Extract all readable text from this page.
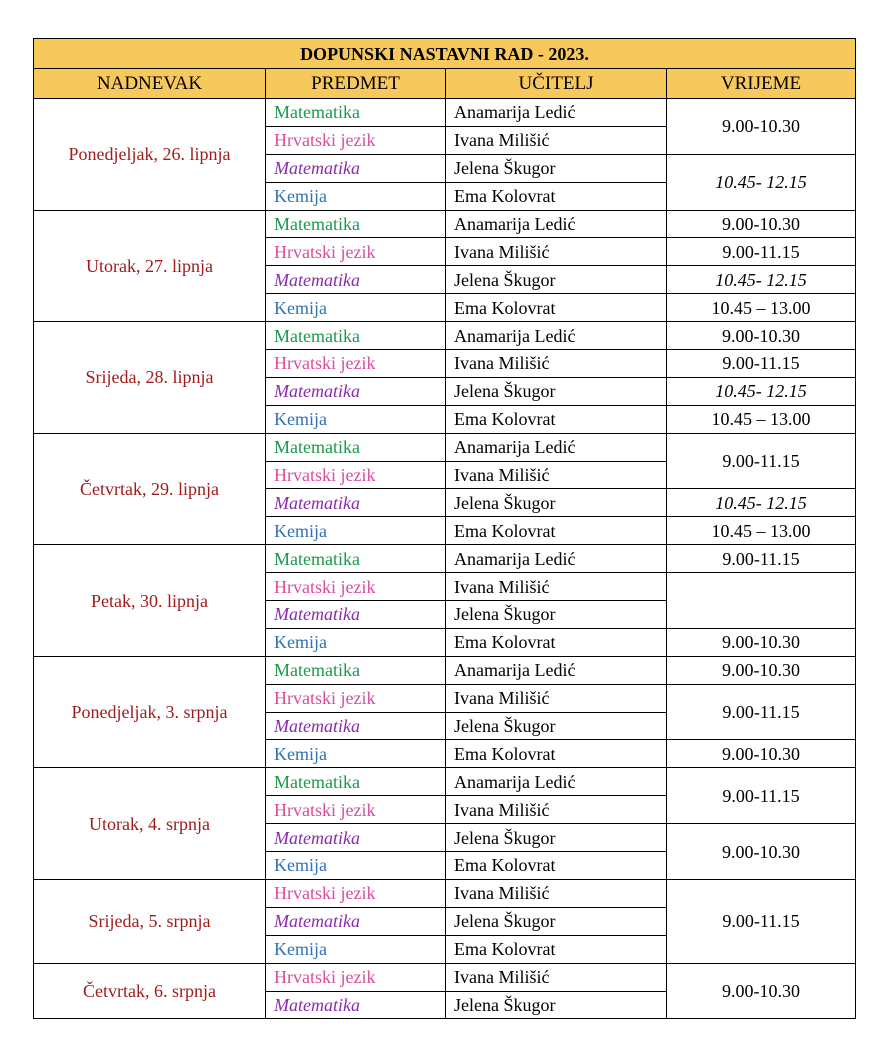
DOPUNSKI NASTAVNI RAD - 2023.			
NADNEVAK	PREDMET	UČITELJ	VRIJEME
Ponedjeljak, 26. lipnja	Matematika	Anamarija Ledić	9.00-10.30
	Hrvatski jezik	Ivana Milišić	
	Matematika	Jelena Škugor	10.45- 12.15
	Kemija	Ema Kolovrat	
Utorak, 27. lipnja	Matematika	Anamarija Ledić	9.00-10.30
	Hrvatski jezik	Ivana Milišić	9.00-11.15
	Matematika	Jelena Škugor	10.45- 12.15
	Kemija	Ema Kolovrat	10.45 – 13.00
Srijeda, 28. lipnja	Matematika	Anamarija Ledić	9.00-10.30
	Hrvatski jezik	Ivana Milišić	9.00-11.15
	Matematika	Jelena Škugor	10.45- 12.15
	Kemija	Ema Kolovrat	10.45 – 13.00
Četvrtak, 29. lipnja	Matematika	Anamarija Ledić	9.00-11.15
	Hrvatski jezik	Ivana Milišić	
	Matematika	Jelena Škugor	10.45- 12.15
	Kemija	Ema Kolovrat	10.45 – 13.00
Petak, 30. lipnja	Matematika	Anamarija Ledić	9.00-11.15
	Hrvatski jezik	Ivana Milišić	
	Matematika	Jelena Škugor	
	Kemija	Ema Kolovrat	9.00-10.30
Ponedjeljak, 3. srpnja	Matematika	Anamarija Ledić	9.00-10.30
	Hrvatski jezik	Ivana Milišić	9.00-11.15
	Matematika	Jelena Škugor	
	Kemija	Ema Kolovrat	9.00-10.30
Utorak, 4. srpnja	Matematika	Anamarija Ledić	9.00-11.15
	Hrvatski jezik	Ivana Milišić	
	Matematika	Jelena Škugor	9.00-10.30
	Kemija	Ema Kolovrat	
Srijeda, 5. srpnja	Hrvatski jezik	Ivana Milišić	9.00-11.15
	Matematika	Jelena Škugor	
	Kemija	Ema Kolovrat	
Četvrtak, 6. srpnja	Hrvatski jezik	Ivana Milišić	9.00-10.30
	Matematika	Jelena Škugor	
